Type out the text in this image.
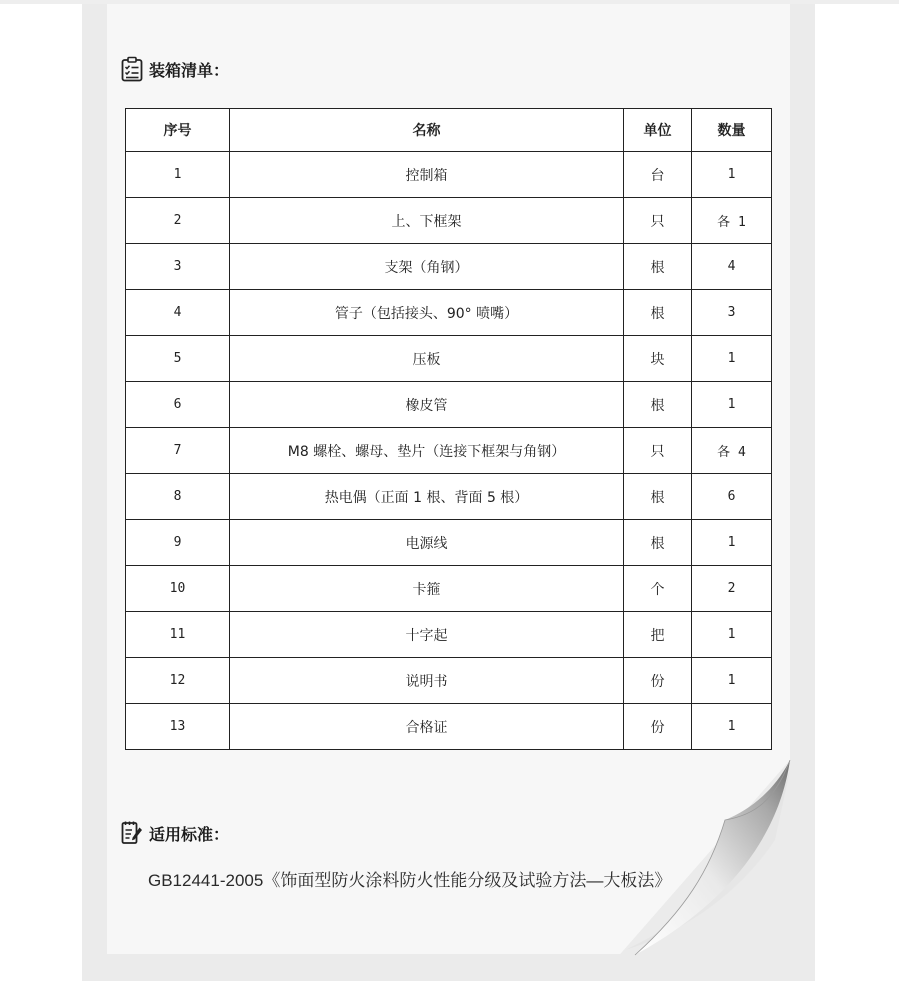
装箱清单：
序号	名称	单位	数量
1	控制箱	台	1
2	上、下框架	只	各 1
3	支架（角钢）	根	4
4	管子（包括接头、90° 喷嘴）	根	3
5	压板	块	1
6	橡皮管	根	1
7	M8 螺栓、螺母、垫片（连接下框架与角钢）	只	各 4
8	热电偶（正面 1 根、背面 5 根）	根	6
9	电源线	根	1
10	卡箍	个	2
11	十字起	把	1
12	说明书	份	1
13	合格证	份	1
适用标准：
GB12441-2005《饰面型防火涂料防火性能分级及试验方法—大板法》
